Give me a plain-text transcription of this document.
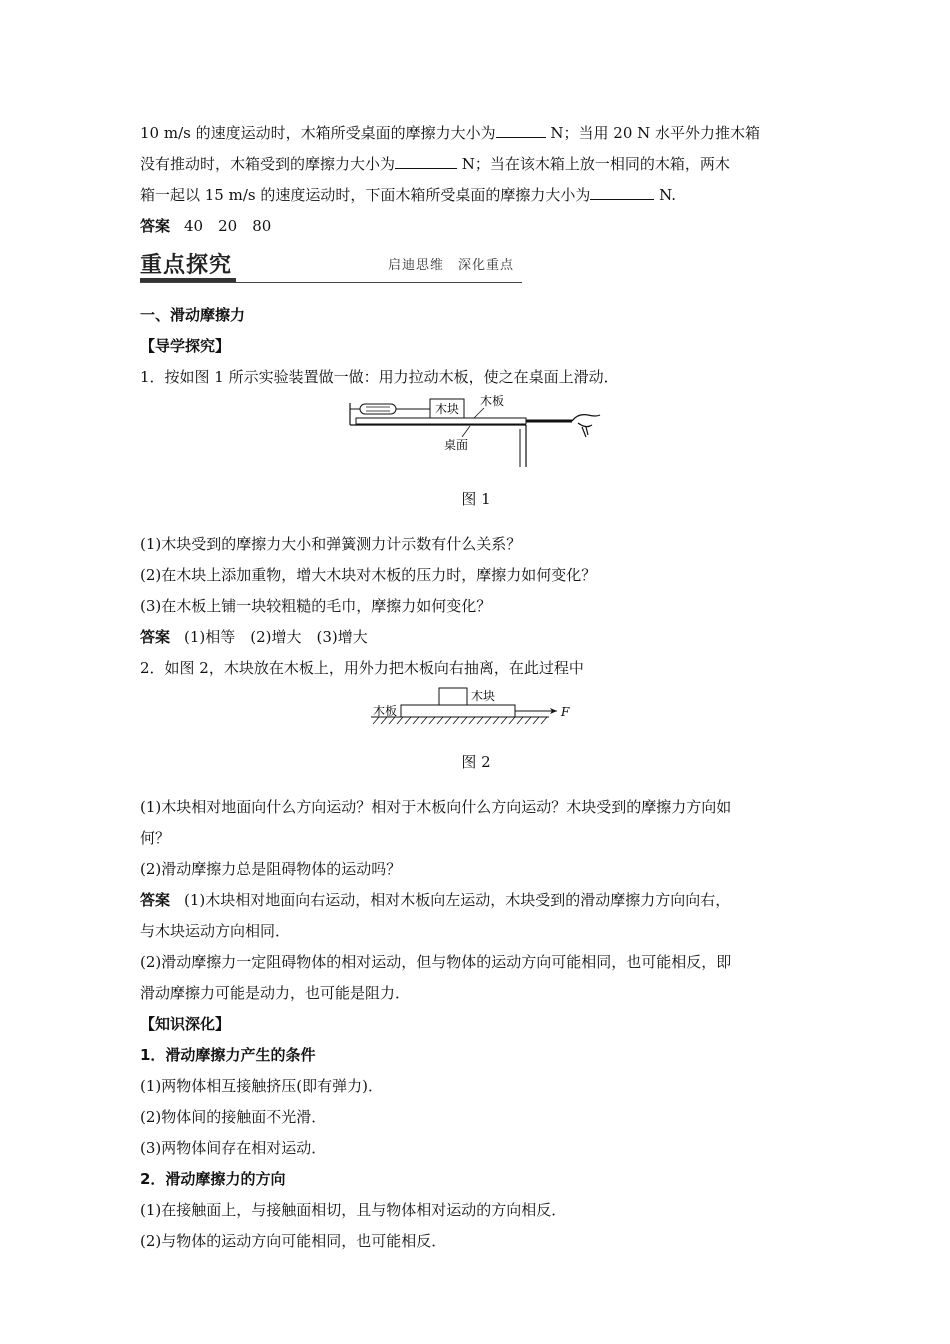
10 m/s 的速度运动时，木箱所受桌面的摩擦力大小为	N；当用 20 N 水平外力推木箱

没有推动时，木箱受到的摩擦力大小为	N；当在该木箱上放一相同的木箱，两木

箱一起以 15 m/s 的速度运动时，下面木箱所受桌面的摩擦力大小为	N.

答案 40　20　80

重点探究	启迪思维　深化重点

一、滑动摩擦力

【导学探究】

1．按如图 1 所示实验装置做一做：用力拉动木板，使之在桌面上滑动．

木块
木板
桌面

图 1

(1)木块受到的摩擦力大小和弹簧测力计示数有什么关系？

(2)在木块上添加重物，增大木块对木板的压力时，摩擦力如何变化？

(3)在木板上铺一块较粗糙的毛巾，摩擦力如何变化？

答案 (1)相等　(2)增大　(3)增大

2．如图 2，木块放在木板上，用外力把木板向右抽离，在此过程中

木块
木板	F

图 2

(1)木块相对地面向什么方向运动？相对于木板向什么方向运动？木块受到的摩擦力方向如

何？

(2)滑动摩擦力总是阻碍物体的运动吗？

答案 (1)木块相对地面向右运动，相对木板向左运动，木块受到的滑动摩擦力方向向右，

与木块运动方向相同．

(2)滑动摩擦力一定阻碍物体的相对运动，但与物体的运动方向可能相同，也可能相反，即

滑动摩擦力可能是动力，也可能是阻力．

【知识深化】

1．滑动摩擦力产生的条件

(1)两物体相互接触挤压(即有弹力)．

(2)物体间的接触面不光滑．

(3)两物体间存在相对运动．

2．滑动摩擦力的方向

(1)在接触面上，与接触面相切，且与物体相对运动的方向相反．

(2)与物体的运动方向可能相同，也可能相反．
